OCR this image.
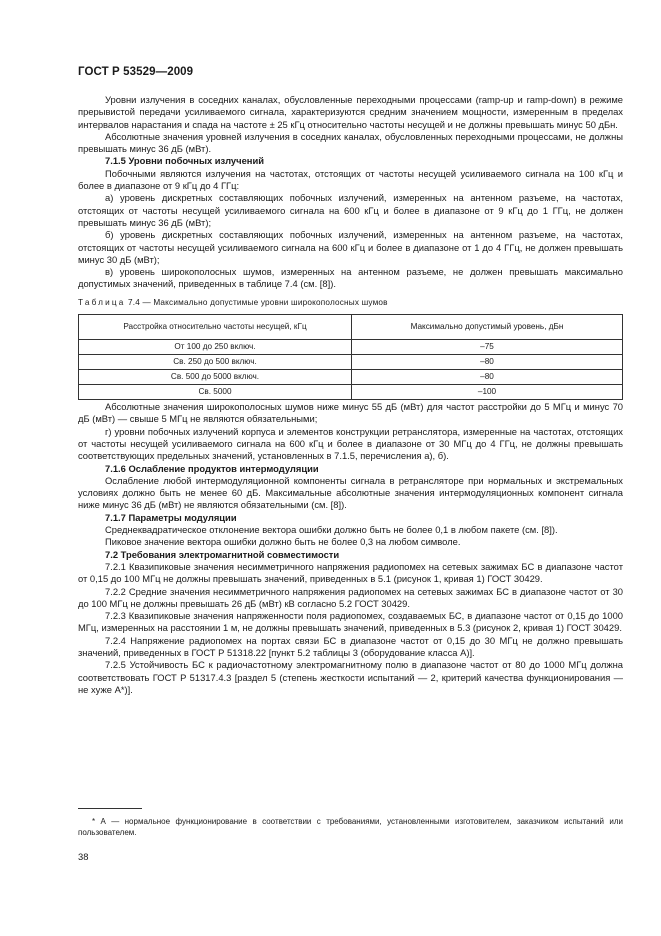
ГОСТ Р 53529—2009

Уровни излучения в соседних каналах, обусловленные переходными процессами (ramp-up и ramp-down) в режиме прерывистой передачи усиливаемого сигнала, характеризуются средним значением мощности, измеренным в пределах интервалов нарастания и спада на частоте ± 25 кГц относительно частоты несущей и не должны превышать минус 50 дБн.

Абсолютные значения уровней излучения в соседних каналах, обусловленных переходными процессами, не должны превышать минус 36 дБ (мВт).

7.1.5 Уровни побочных излучений

Побочными являются излучения на частотах, отстоящих от частоты несущей усиливаемого сигнала на 100 кГц и более в диапазоне от 9 кГц до 4 ГГц:

а) уровень дискретных составляющих побочных излучений, измеренных на антенном разъеме, на частотах, отстоящих от частоты несущей усиливаемого сигнала на 600 кГц и более в диапазоне от 9 кГц до 1 ГГц, не должен превышать минус 36 дБ (мВт);

б) уровень дискретных составляющих побочных излучений, измеренных на антенном разъеме, на частотах, отстоящих от частоты несущей усиливаемого сигнала на 600 кГц и более в диапазоне от 1 до 4 ГГц, не должен превышать минус 30 дБ (мВт);

в) уровень широкополосных шумов, измеренных на антенном разъеме, не должен превышать максимально допустимых значений, приведенных в таблице 7.4 (см. [8]).

Таблица 7.4 — Максимально допустимые уровни широкополосных шумов
Расстройка относительно частоты несущей, кГц	Максимально допустимый уровень, дБн
От 100 до 250 включ.	–75
Св. 250 до 500 включ.	–80
Св. 500 до 5000 включ.	–80
Св. 5000	–100

Абсолютные значения широкополосных шумов ниже минус 55 дБ (мВт) для частот расстройки до 5 МГц и минус 70 дБ (мВт) — свыше 5 МГц не являются обязательными;

г) уровни побочных излучений корпуса и элементов конструкции ретранслятора, измеренные на частотах, отстоящих от частоты несущей усиливаемого сигнала на 600 кГц и более в диапазоне от 30 МГц до 4 ГГц, не должны превышать соответствующих предельных значений, установленных в 7.1.5, перечисления а), б).

7.1.6 Ослабление продуктов интермодуляции

Ослабление любой интермодуляционной компоненты сигнала в ретрансляторе при нормальных и экстремальных условиях должно быть не менее 60 дБ. Максимальные абсолютные значения интермодуляционных компонент сигнала ниже минус 36 дБ (мВт) не являются обязательными (см. [8]).

7.1.7 Параметры модуляции

Среднеквадратическое отклонение вектора ошибки должно быть не более 0,1 в любом пакете (см. [8]).

Пиковое значение вектора ошибки должно быть не более 0,3 на любом символе.

7.2 Требования электромагнитной совместимости

7.2.1 Квазипиковые значения несимметричного напряжения радиопомех на сетевых зажимах БС в диапазоне частот от 0,15 до 100 МГц не должны превышать значений, приведенных в 5.1 (рисунок 1, кривая 1) ГОСТ 30429.

7.2.2 Средние значения несимметричного напряжения радиопомех на сетевых зажимах БС в диапазоне частот от 30 до 100 МГц не должны превышать 26 дБ (мВт) кВ согласно 5.2 ГОСТ 30429.

7.2.3 Квазипиковые значения напряженности поля радиопомех, создаваемых БС, в диапазоне частот от 0,15 до 1000 МГц, измеренных на расстоянии 1 м, не должны превышать значений, приведенных в 5.3 (рисунок 2, кривая 1) ГОСТ 30429.

7.2.4 Напряжение радиопомех на портах связи БС в диапазоне частот от 0,15 до 30 МГц не должно превышать значений, приведенных в ГОСТ Р 51318.22 [пункт 5.2 таблицы 3 (оборудование класса А)].

7.2.5 Устойчивость БС к радиочастотному электромагнитному полю в диапазоне частот от 80 до 1000 МГц должна соответствовать ГОСТ Р 51317.4.3 [раздел 5 (степень жесткости испытаний — 2, критерий качества функционирования — не хуже А*)].

* А — нормальное функционирование в соответствии с требованиями, установленными изготовителем, заказчиком испытаний или пользователем.

38
